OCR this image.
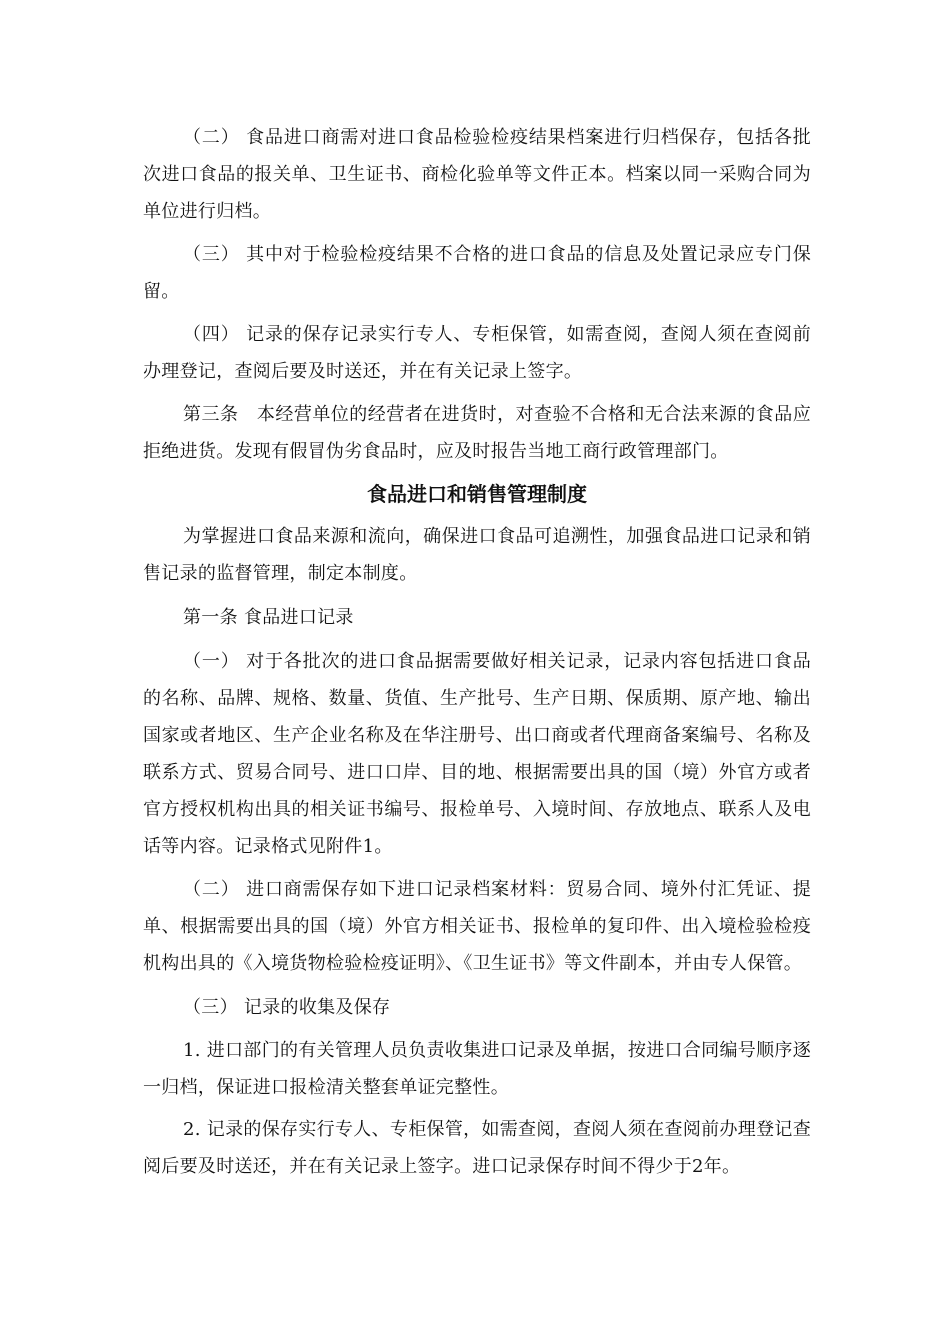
（二） 食品进口商需对进口食品检验检疫结果档案进行归档保存，包括各批次进口食品的报关单、卫生证书、商检化验单等文件正本。档案以同一采购合同为单位进行归档。

（三） 其中对于检验检疫结果不合格的进口食品的信息及处置记录应专门保留。

（四） 记录的保存记录实行专人、专柜保管，如需查阅，查阅人须在查阅前办理登记，查阅后要及时送还，并在有关记录上签字。

第三条　本经营单位的经营者在进货时，对查验不合格和无合法来源的食品应拒绝进货。发现有假冒伪劣食品时，应及时报告当地工商行政管理部门。

食品进口和销售管理制度

为掌握进口食品来源和流向，确保进口食品可追溯性，加强食品进口记录和销售记录的监督管理，制定本制度。

第一条 食品进口记录

（一） 对于各批次的进口食品据需要做好相关记录，记录内容包括进口食品的名称、品牌、规格、数量、货值、生产批号、生产日期、保质期、原产地、输出国家或者地区、生产企业名称及在华注册号、出口商或者代理商备案编号、名称及联系方式、贸易合同号、进口口岸、目的地、根据需要出具的国（境）外官方或者官方授权机构出具的相关证书编号、报检单号、入境时间、存放地点、联系人及电话等内容。记录格式见附件1。

（二） 进口商需保存如下进口记录档案材料：贸易合同、境外付汇凭证、提单、根据需要出具的国（境）外官方相关证书、报检单的复印件、出入境检验检疫机构出具的《入境货物检验检疫证明》、《卫生证书》等文件副本，并由专人保管。

（三） 记录的收集及保存

1. 进口部门的有关管理人员负责收集进口记录及单据，按进口合同编号顺序逐一归档，保证进口报检清关整套单证完整性。

2. 记录的保存实行专人、专柜保管，如需查阅，查阅人须在查阅前办理登记查阅后要及时送还，并在有关记录上签字。进口记录保存时间不得少于2年。
